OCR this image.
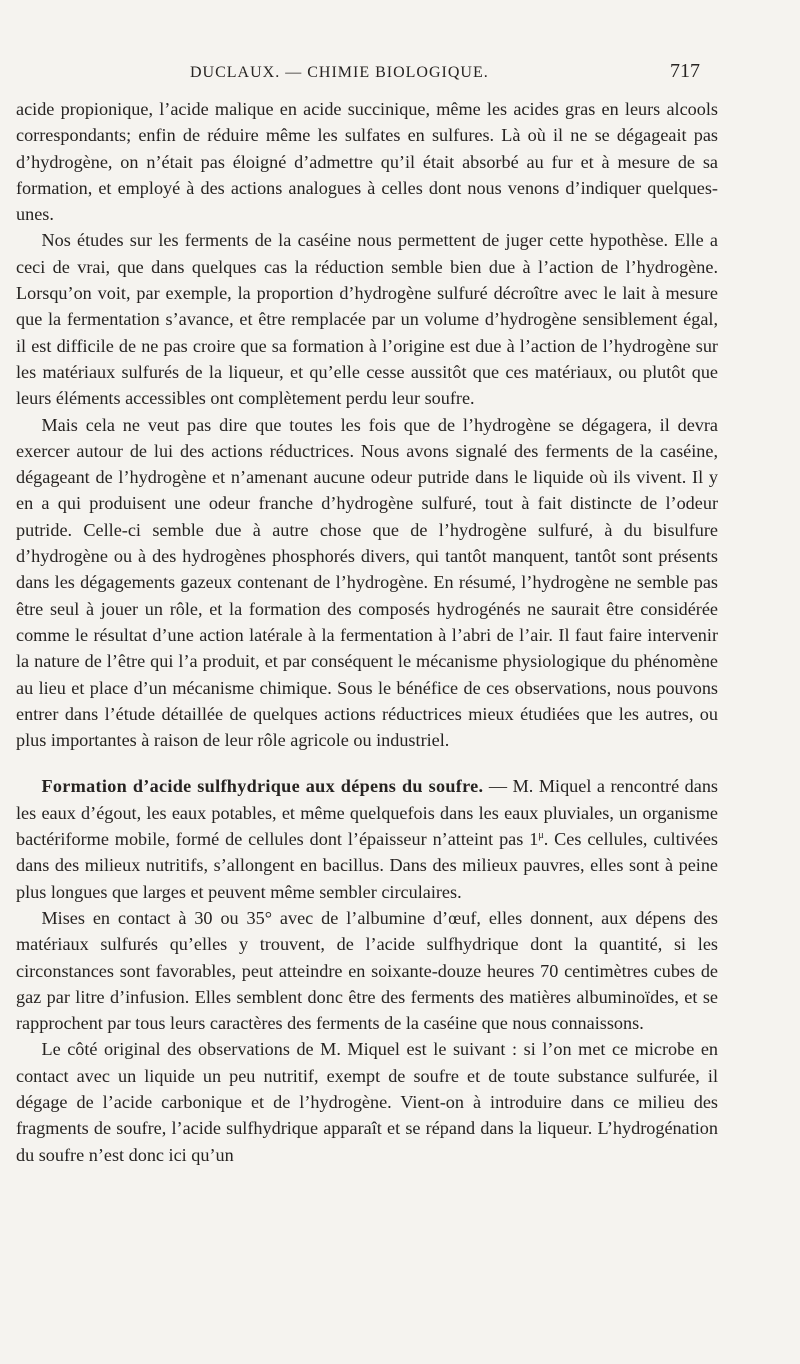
DUCLAUX. — CHIMIE BIOLOGIQUE.	717

acide propionique, l’acide malique en acide succinique, même les acides gras en leurs alcools correspondants; enfin de réduire même les sulfates en sulfures. Là où il ne se dégageait pas d’hydrogène, on n’était pas éloigné d’admettre qu’il était absorbé au fur et à mesure de sa formation, et employé à des actions analogues à celles dont nous venons d’indiquer quelques-unes.

Nos études sur les ferments de la caséine nous permettent de juger cette hypothèse. Elle a ceci de vrai, que dans quelques cas la réduction semble bien due à l’action de l’hydrogène. Lorsqu’on voit, par exemple, la proportion d’hydrogène sulfuré décroître avec le lait à mesure que la fermentation s’avance, et être remplacée par un volume d’hydrogène sensiblement égal, il est difficile de ne pas croire que sa formation à l’origine est due à l’action de l’hydrogène sur les matériaux sulfurés de la liqueur, et qu’elle cesse aussitôt que ces matériaux, ou plutôt que leurs éléments accessibles ont complètement perdu leur soufre.

Mais cela ne veut pas dire que toutes les fois que de l’hydrogène se dégagera, il devra exercer autour de lui des actions réductrices. Nous avons signalé des ferments de la caséine, dégageant de l’hydrogène et n’amenant aucune odeur putride dans le liquide où ils vivent. Il y en a qui produisent une odeur franche d’hydrogène sulfuré, tout à fait distincte de l’odeur putride. Celle-ci semble due à autre chose que de l’hydrogène sulfuré, à du bisulfure d’hydrogène ou à des hydrogènes phosphorés divers, qui tantôt manquent, tantôt sont présents dans les dégagements gazeux contenant de l’hydrogène. En résumé, l’hydrogène ne semble pas être seul à jouer un rôle, et la formation des composés hydrogénés ne saurait être considérée comme le résultat d’une action latérale à la fermentation à l’abri de l’air. Il faut faire intervenir la nature de l’être qui l’a produit, et par conséquent le mécanisme physiologique du phénomène au lieu et place d’un mécanisme chimique. Sous le bénéfice de ces observations, nous pouvons entrer dans l’étude détaillée de quelques actions réductrices mieux étudiées que les autres, ou plus importantes à raison de leur rôle agricole ou industriel.

Formation d’acide sulfhydrique aux dépens du soufre. — M. Miquel a rencontré dans les eaux d’égout, les eaux potables, et même quelquefois dans les eaux pluviales, un organisme bactériforme mobile, formé de cellules dont l’épaisseur n’atteint pas $1^\mu$. Ces cellules, cultivées dans des milieux nutritifs, s’allongent en bacillus. Dans des milieux pauvres, elles sont à peine plus longues que larges et peuvent même sembler circulaires.

Mises en contact à 30 ou 35° avec de l’albumine d’œuf, elles donnent, aux dépens des matériaux sulfurés qu’elles y trouvent, de l’acide sulfhydrique dont la quantité, si les circonstances sont favorables, peut atteindre en soixante-douze heures 70 centimètres cubes de gaz par litre d’infusion. Elles semblent donc être des ferments des matières albuminoïdes, et se rapprochent par tous leurs caractères des ferments de la caséine que nous connaissons.

Le côté original des observations de M. Miquel est le suivant : si l’on met ce microbe en contact avec un liquide un peu nutritif, exempt de soufre et de toute substance sulfurée, il dégage de l’acide carbonique et de l’hydrogène. Vient-on à introduire dans ce milieu des fragments de soufre, l’acide sulfhydrique apparaît et se répand dans la liqueur. L’hydrogénation du soufre n’est donc ici qu’un
